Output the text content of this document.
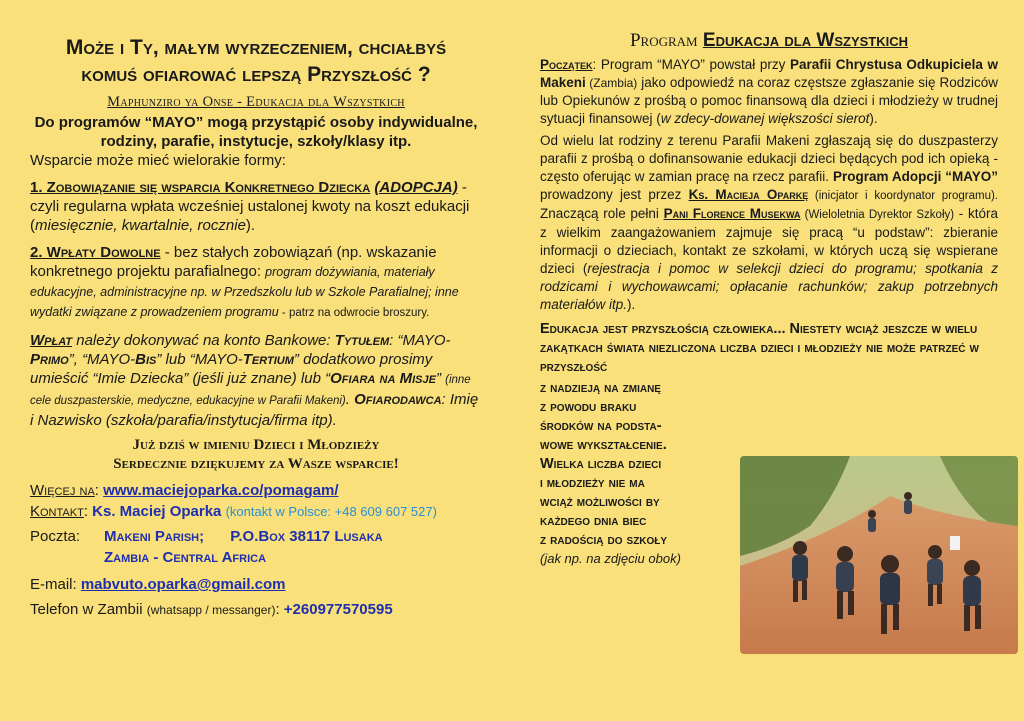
Może i Ty, małym wyrzeczeniem, chciałbyś
komuś ofiarować lepszą Przyszłość ?

Maphunziro ya Onse - Edukacja dla Wszystkich

Do programów “MAYO” mogą przystąpić osoby indywidualne, rodziny, parafie, instytucje, szkoły/klasy itp.

Wsparcie może mieć wielorakie formy:

1. Zobowiązanie się wsparcia Konkretnego Dziecka (ADOPCJA) - czyli regularna wpłata wcześniej ustalonej kwoty na koszt edukacji (miesięcznie, kwartalnie, rocznie).

2. Wpłaty Dowolne - bez stałych zobowiązań (np. wskazanie konkretnego projektu parafialnego: program dożywiania, materiały edukacyjne, administracyjne np. w Przedszkolu lub w Szkole Parafialnej; inne wydatki związane z prowadzeniem programu - patrz na odwrocie broszury.

Wpłat należy dokonywać na konto Bankowe: Tytułem: “MAYO-Primo”, “MAYO-Bis” lub “MAYO-Tertium” dodatkowo prosimy umieścić “Imie Dziecka” (jeśli już znane) lub “Ofiara na Misje” (inne cele duszpasterskie, medyczne, edukacyjne w Parafii Makeni). Ofiarodawca: Imię i Nazwisko (szkoła/parafia/instytucja/firma itp).

Już dziś w imieniu Dzieci i Młodzieży

Serdecznie dziękujemy za Wasze wsparcie!

Więcej na: www.maciejoparka.co/pomagam/

Kontakt: Ks. Maciej Oparka (kontakt w Polsce: +48 609 607 527)

Poczta: Makeni Parish; P.O.Box 38117 Lusaka
Zambia - Central Africa

E-mail: mabvuto.oparka@gmail.com

Telefon w Zambii (whatsapp / messanger): +260977570595

Program Edukacja dla Wszystkich

Początek: Program “MAYO” powstał przy Parafii Chrystusa Odkupiciela w Makeni (Zambia) jako odpowiedź na coraz częstsze zgłaszanie się Rodziców lub Opiekunów z prośbą o pomoc finansową dla dzieci i młodzieży w trudnej sytuacji finansowej (w zdecy-dowanej większości sierot).

Od wielu lat rodziny z terenu Parafii Makeni zgłaszają się do duszpasterzy parafii z prośbą o dofinansowanie edukacji dzieci będących pod ich opieką - często oferując w zamian pracę na rzecz parafii. Program Adopcji “MAYO” prowadzony jest przez Ks. Macieja Oparkę (inicjator i koordynator programu). Znaczącą role pełni Pani Florence Musekwa (Wieloletnia Dyrektor Szkoły) - która z wielkim zaangażowaniem zajmuje się pracą “u podstaw”: zbieranie informacji o dzieciach, kontakt ze szkołami, w których uczą się wspierane dzieci (rejestracja i pomoc w selekcji dzieci do programu; spotkania z rodzicami i wychowawcami; opłacanie rachunków; zakup potrzebnych materiałów itp.).

Edukacja jest przyszłością człowieka... Niestety wciąż jeszcze w wielu zakątkach świata niezliczona liczba dzieci i młodzieży nie może patrzeć w przyszłość

z nadzieją na zmianę
z powodu braku
środków na podsta-
wowe wykształcenie.
Wielka liczba dzieci
i młodzieży nie ma
wciąż możliwości by
każdego dnia biec
z radością do szkoły
(jak np. na zdjęciu obok)
